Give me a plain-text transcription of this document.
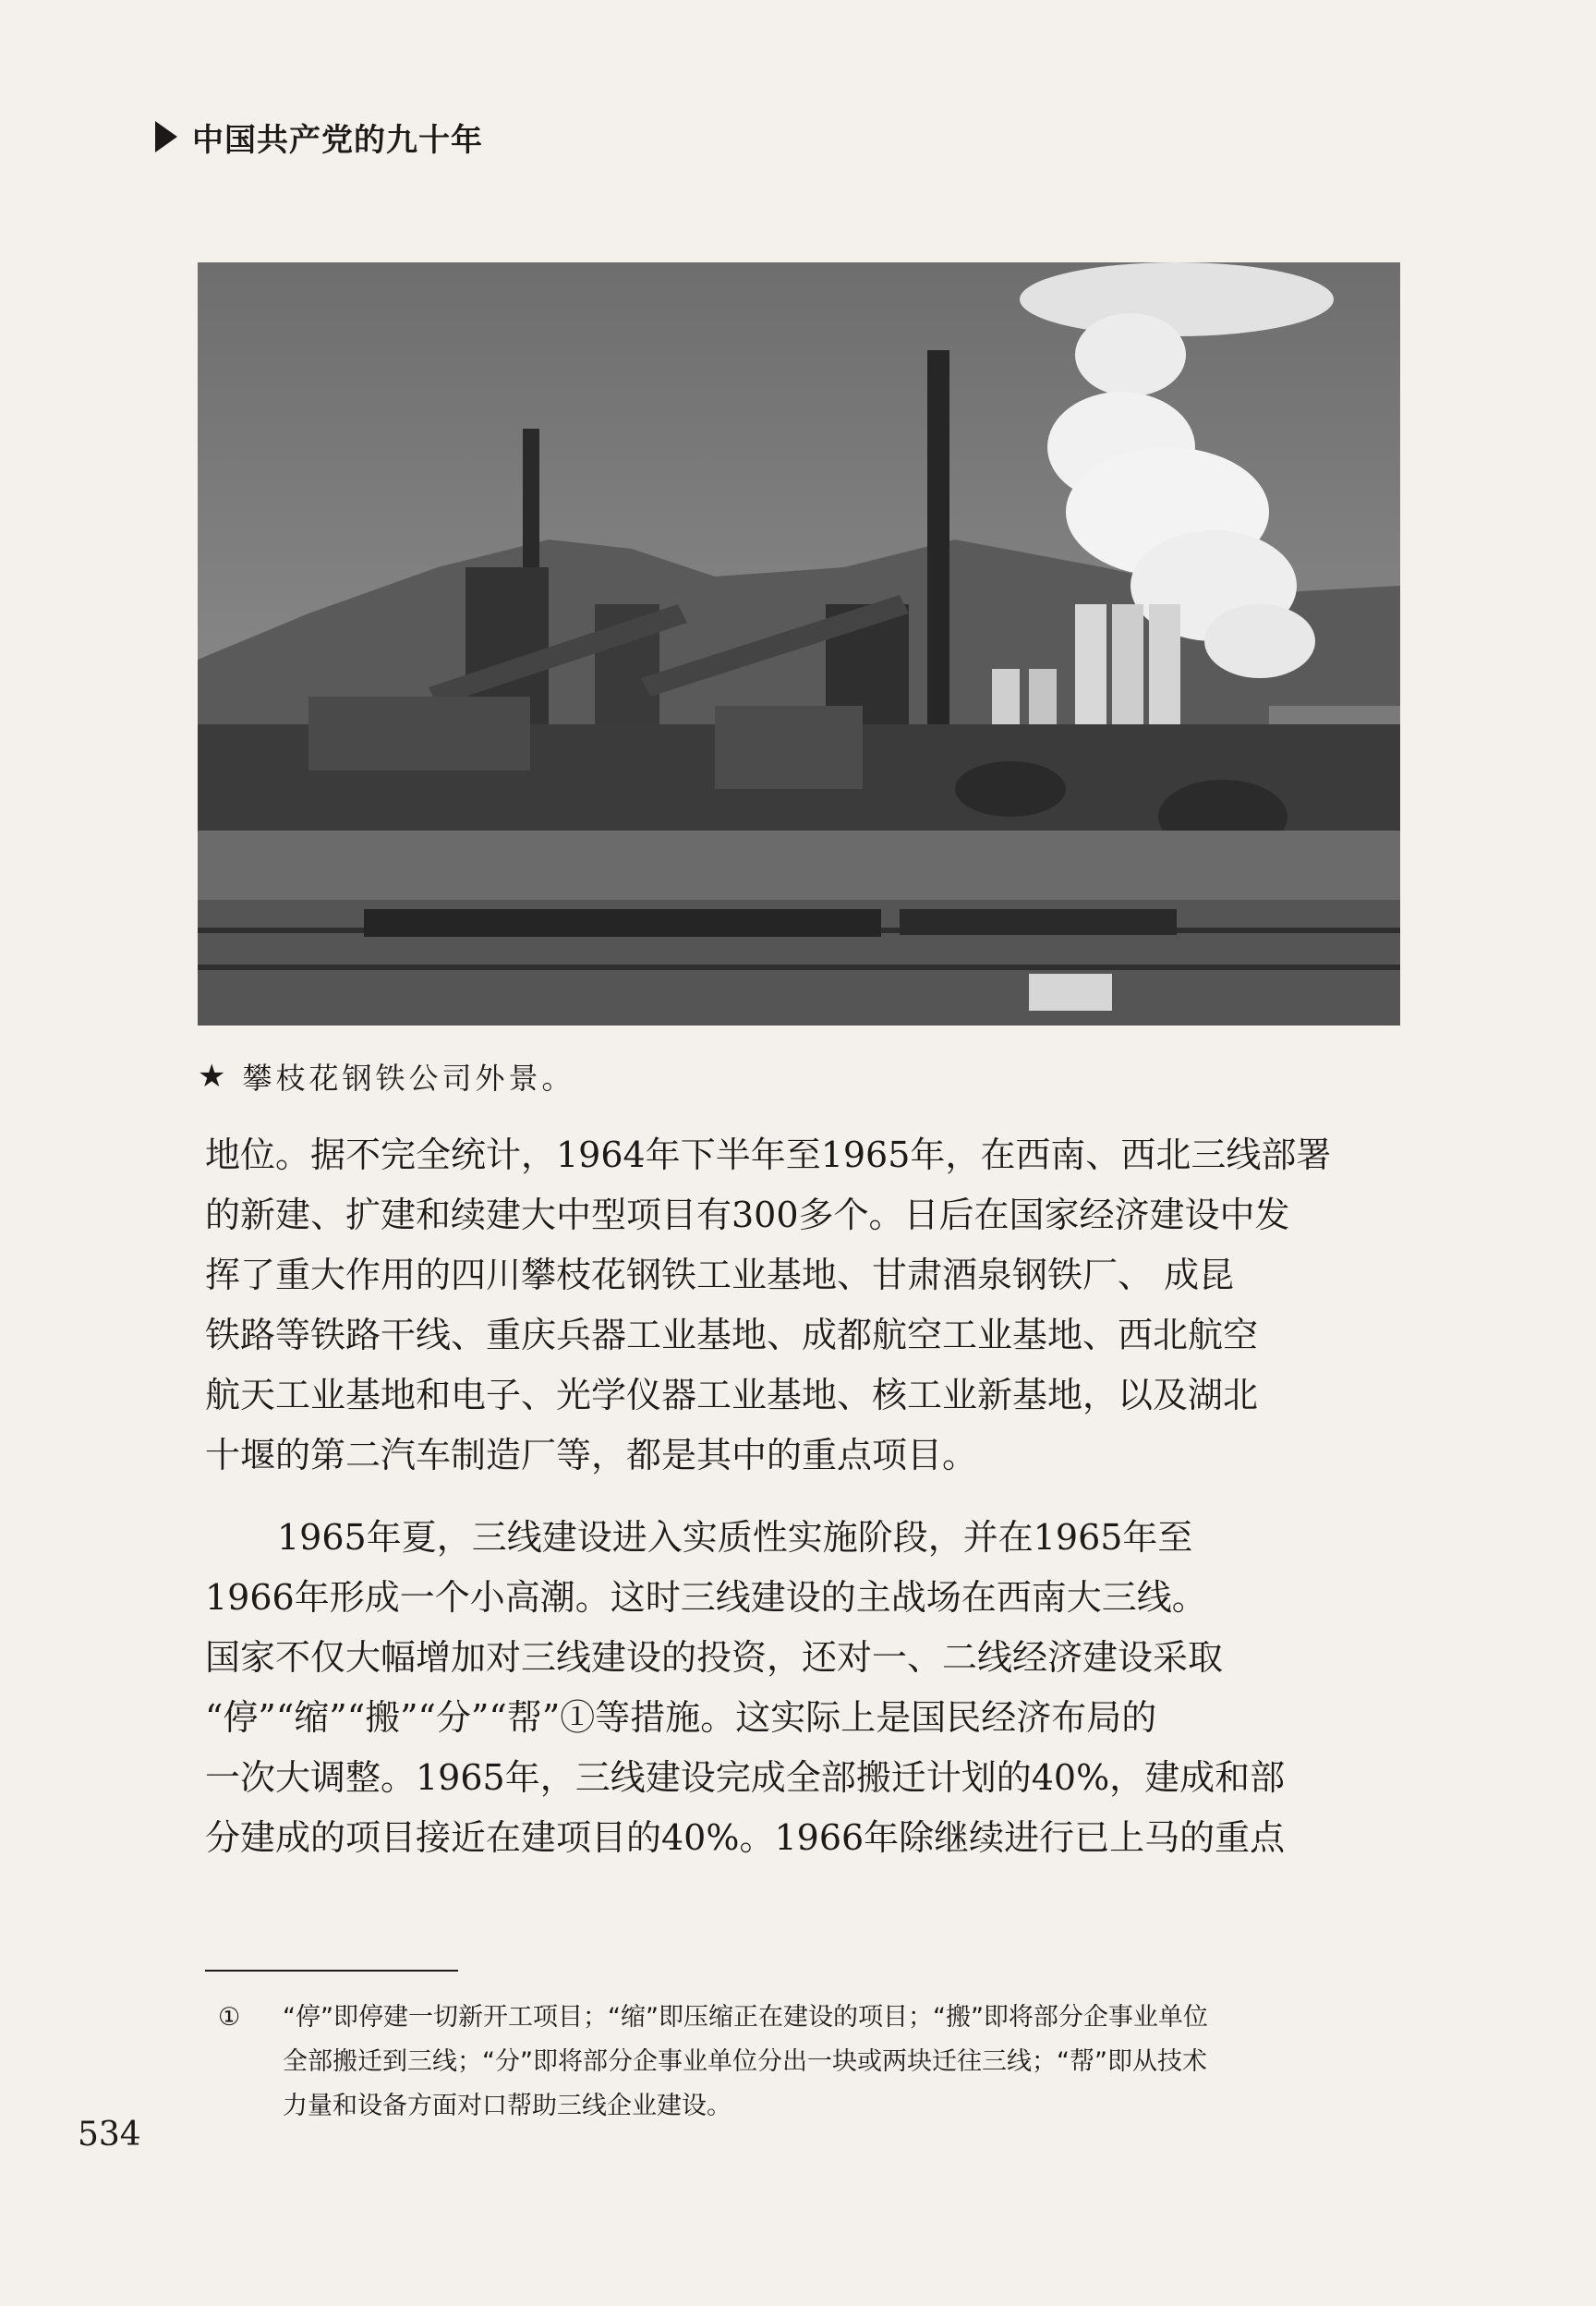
中国共产党的九十年
★ 攀枝花钢铁公司外景。
地位。据不完全统计，1964年下半年至1965年，在西南、西北三线部署
的新建、扩建和续建大中型项目有300多个。日后在国家经济建设中发
挥了重大作用的四川攀枝花钢铁工业基地、甘肃酒泉钢铁厂、 成昆
铁路等铁路干线、重庆兵器工业基地、成都航空工业基地、西北航空
航天工业基地和电子、光学仪器工业基地、核工业新基地，以及湖北
十堰的第二汽车制造厂等，都是其中的重点项目。
1965年夏，三线建设进入实质性实施阶段，并在1965年至
1966年形成一个小高潮。这时三线建设的主战场在西南大三线。
国家不仅大幅增加对三线建设的投资，还对一、二线经济建设采取
“停”“缩”“搬”“分”“帮”①等措施。这实际上是国民经济布局的
一次大调整。1965年，三线建设完成全部搬迁计划的40%，建成和部
分建成的项目接近在建项目的40%。1966年除继续进行已上马的重点
① “停”即停建一切新开工项目；“缩”即压缩正在建设的项目；“搬”即将部分企事业单位
全部搬迁到三线；“分”即将部分企事业单位分出一块或两块迁往三线；“帮”即从技术
力量和设备方面对口帮助三线企业建设。
534
